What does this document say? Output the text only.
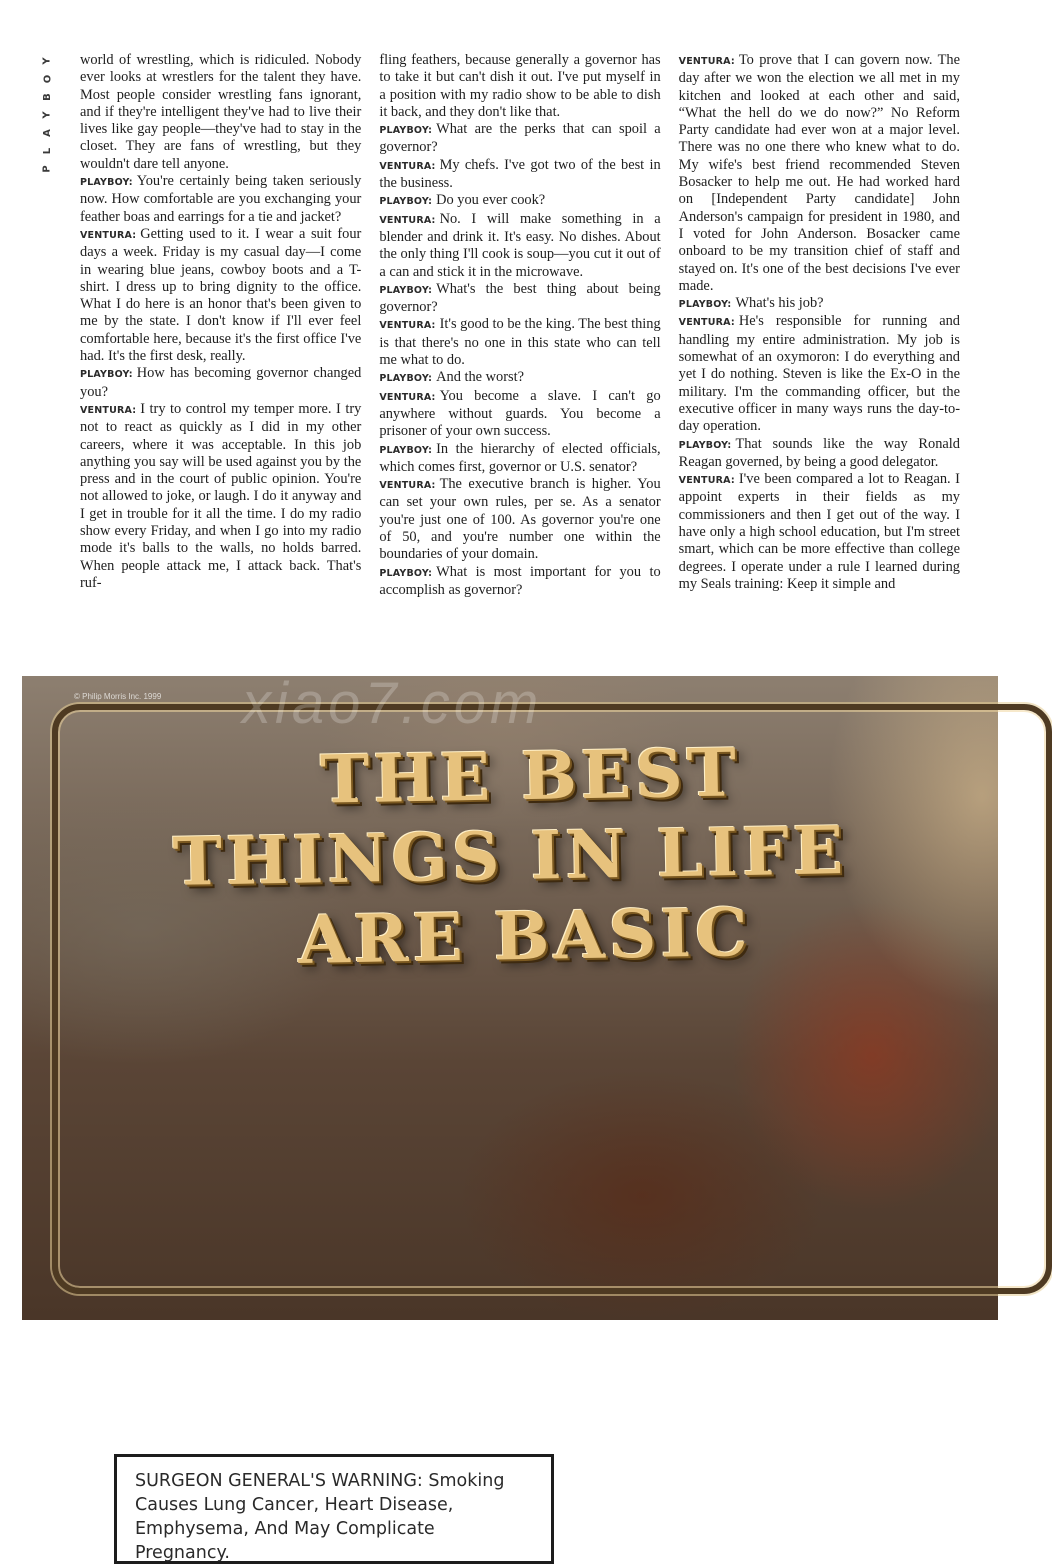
Y
O
B
Y
A
L
P

world of wrestling, which is ridiculed. Nobody ever looks at wrestlers for the talent they have. Most people consider wrestling fans ignorant, and if they're intelligent they've had to live their lives like gay people—they've had to stay in the closet. They are fans of wrestling, but they wouldn't dare tell anyone.

PLAYBOY: You're certainly being taken seriously now. How comfortable are you exchanging your feather boas and earrings for a tie and jacket?

VENTURA: Getting used to it. I wear a suit four days a week. Friday is my casual day—I come in wearing blue jeans, cowboy boots and a T-shirt. I dress up to bring dignity to the office. What I do here is an honor that's been given to me by the state. I don't know if I'll ever feel comfortable here, because it's the first office I've had. It's the first desk, really.

PLAYBOY: How has becoming governor changed you?

VENTURA: I try to control my temper more. I try not to react as quickly as I did in my other careers, where it was acceptable. In this job anything you say will be used against you by the press and in the court of public opinion. You're not allowed to joke, or laugh. I do it anyway and I get in trouble for it all the time. I do my radio show every Friday, and when I go into my radio mode it's balls to the walls, no holds barred. When people attack me, I attack back. That's ruf-

fling feathers, because generally a governor has to take it but can't dish it out. I've put myself in a position with my radio show to be able to dish it back, and they don't like that.

PLAYBOY: What are the perks that can spoil a governor?

VENTURA: My chefs. I've got two of the best in the business.

PLAYBOY: Do you ever cook?

VENTURA: No. I will make something in a blender and drink it. It's easy. No dishes. About the only thing I'll cook is soup—you cut it out of a can and stick it in the microwave.

PLAYBOY: What's the best thing about being governor?

VENTURA: It's good to be the king. The best thing is that there's no one in this state who can tell me what to do.

PLAYBOY: And the worst?

VENTURA: You become a slave. I can't go anywhere without guards. You become a prisoner of your own success.

PLAYBOY: In the hierarchy of elected officials, which comes first, governor or U.S. senator?

VENTURA: The executive branch is higher. You can set your own rules, per se. As a senator you're just one of 100. As governor you're one of 50, and you're number one within the boundaries of your domain.

PLAYBOY: What is most important for you to accomplish as governor?

VENTURA: To prove that I can govern now. The day after we won the election we all met in my kitchen and looked at each other and said, “What the hell do we do now?” No Reform Party candidate had ever won at a major level. There was no one there who knew what to do. My wife's best friend recommended Steven Bosacker to help me out. He had worked hard on [Independent Party candidate] John Anderson's campaign for president in 1980, and I voted for John Anderson. Bosacker came onboard to be my transition chief of staff and stayed on. It's one of the best decisions I've ever made.

PLAYBOY: What's his job?

VENTURA: He's responsible for running and handling my entire administration. My job is somewhat of an oxymoron: I do everything and yet I do nothing. Steven is like the Ex-O in the military. I'm the commanding officer, but the executive officer in many ways runs the day-to-day operation.

PLAYBOY: That sounds like the way Ronald Reagan governed, by being a good delegator.

VENTURA: I've been compared a lot to Reagan. I appoint experts in their fields as my commissioners and then I get out of the way. I have only a high school education, but I'm street smart, which can be more effective than college degrees. I operate under a rule I learned during my Seals training: Keep it simple and

© Philip Morris Inc. 1999 xiao7.com
THE BEST
THINGS IN LIFE
ARE BASIC
16 mg "tar," 1.0 mg nicotine av. per cigarette by FTC method.

SURGEON GENERAL'S WARNING: Smoking Causes Lung Cancer, Heart Disease, Emphysema, And May Complicate Pregnancy.
